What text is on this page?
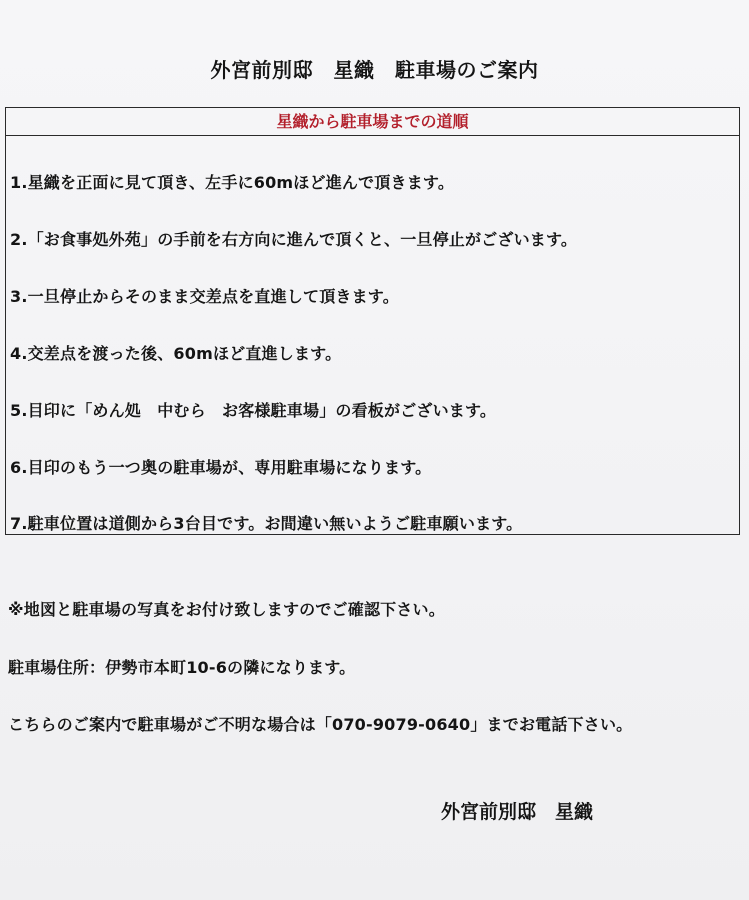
外宮前別邸　星織　駐車場のご案内
星織から駐車場までの道順
1.星織を正面に見て頂き、左手に60mほど進んで頂きます。
2.「お食事処外苑」の手前を右方向に進んで頂くと、一旦停止がございます。
3.一旦停止からそのまま交差点を直進して頂きます。
4.交差点を渡った後、60mほど直進します。
5.目印に「めん処　中むら　お客様駐車場」の看板がございます。
6.目印のもう一つ奥の駐車場が、専用駐車場になります。
7.駐車位置は道側から3台目です。お間違い無いようご駐車願います。
※地図と駐車場の写真をお付け致しますのでご確認下さい。
駐車場住所：伊勢市本町10-6の隣になります。
こちらのご案内で駐車場がご不明な場合は「070-9079-0640」までお電話下さい。
外宮前別邸　星織
